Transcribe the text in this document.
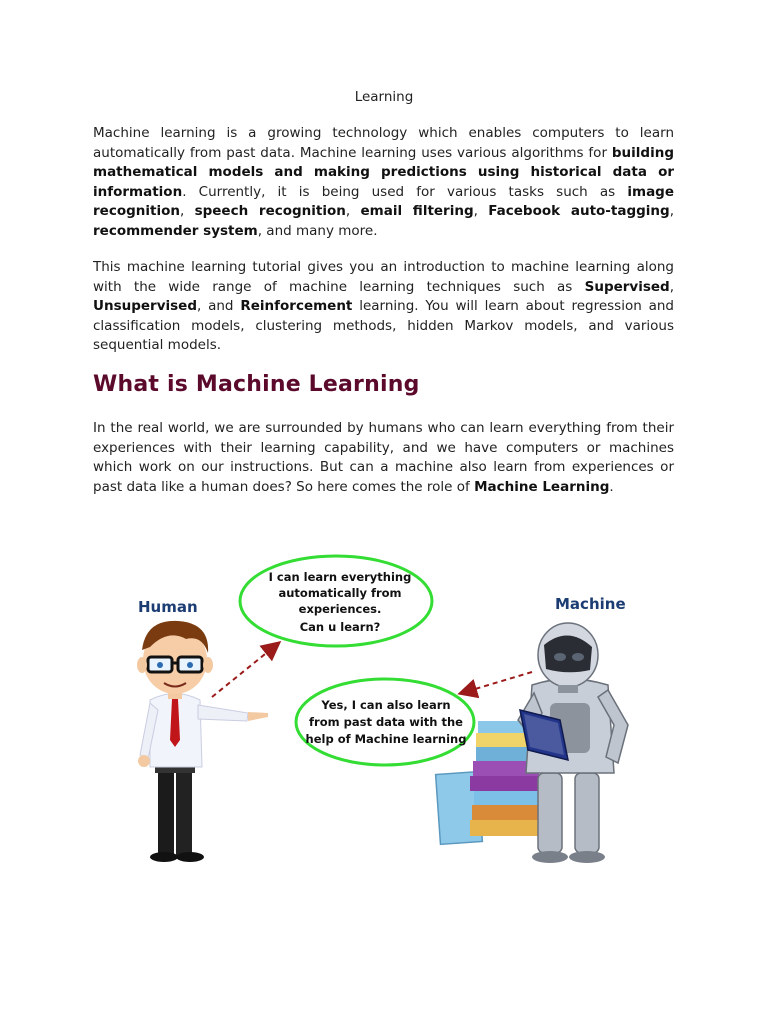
Learning

Machine learning is a growing technology which enables computers to learn automatically from past data. Machine learning uses various algorithms for building mathematical models and making predictions using historical data or information. Currently, it is being used for various tasks such as image recognition, speech recognition, email filtering, Facebook auto-tagging, recommender system, and many more.

This machine learning tutorial gives you an introduction to machine learning along with the wide range of machine learning techniques such as Supervised, Unsupervised, and Reinforcement learning. You will learn about regression and classification models, clustering methods, hidden Markov models, and various sequential models.

What is Machine Learning

In the real world, we are surrounded by humans who can learn everything from their experiences with their learning capability, and we have computers or machines which work on our instructions. But can a machine also learn from experiences or past data like a human does? So here comes the role of Machine Learning.

Human	Machine
I can learn everything
automatically from
experiences.
Can u learn?
Yes, I can also learn
from past data with the
help of Machine learning
